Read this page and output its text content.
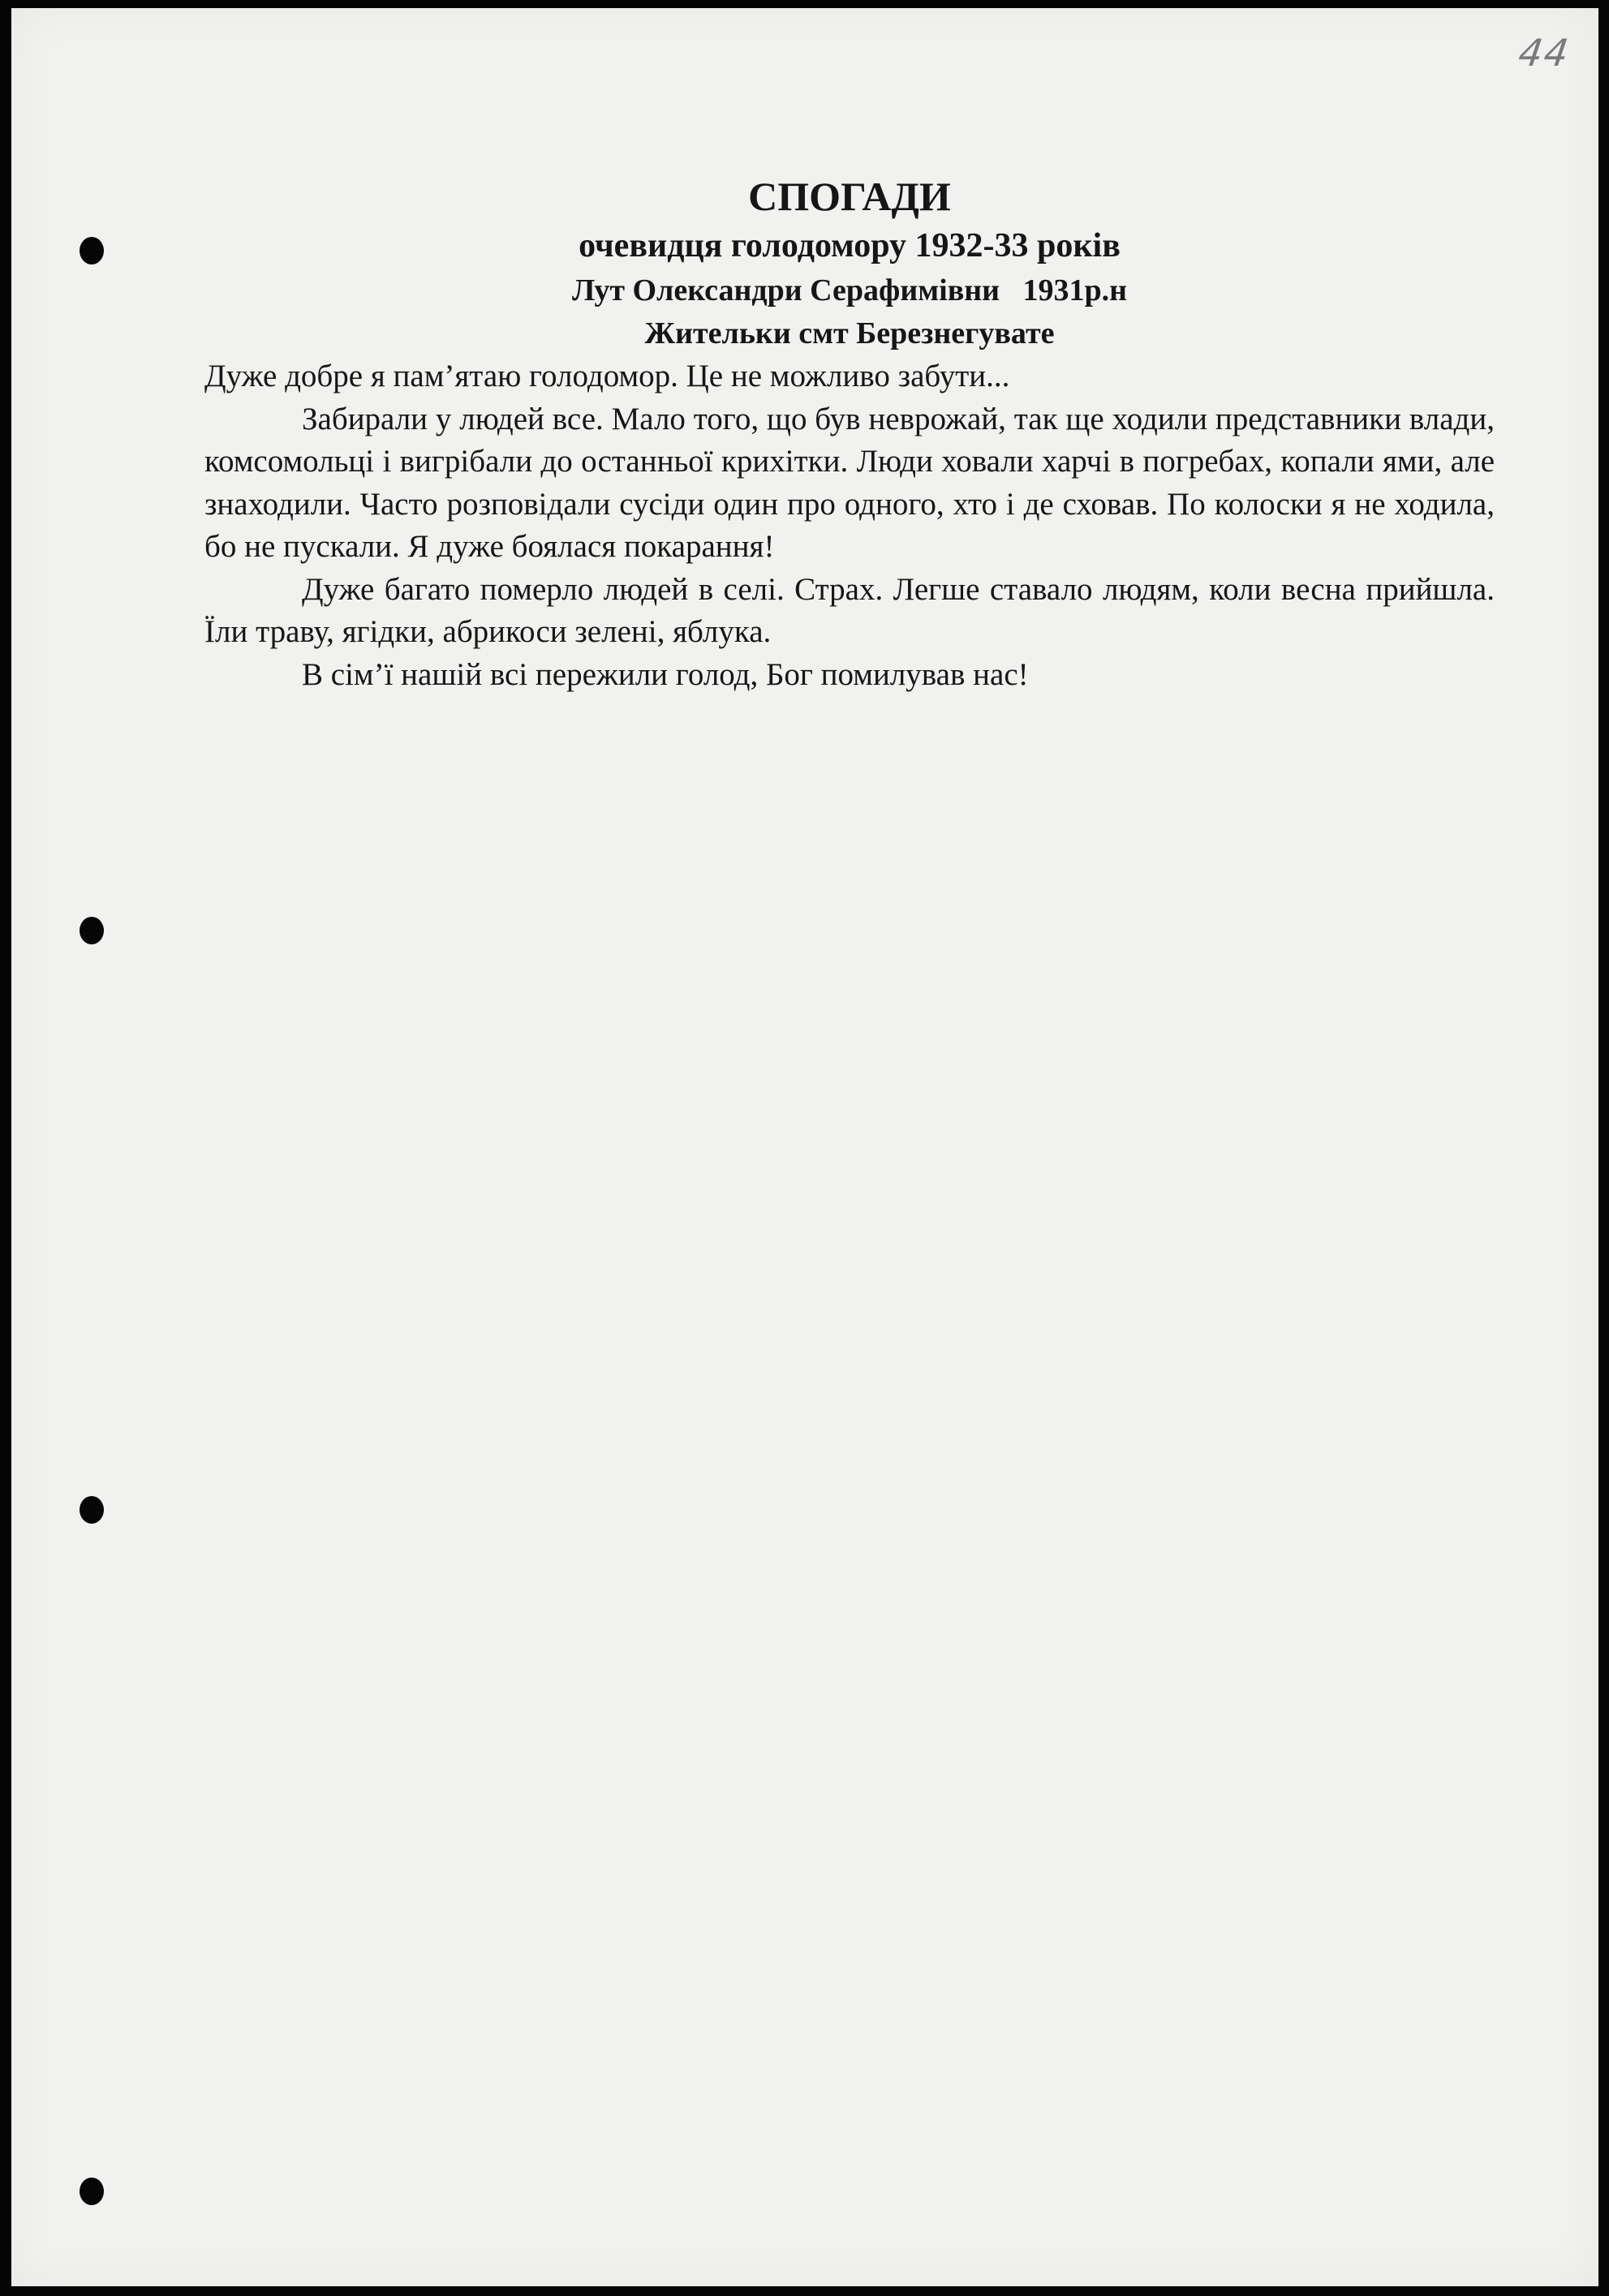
44

СПОГАДИ

очевидця голодомору 1932-33 років

Лут Олександри Серафимівни   1931р.н

Жительки смт Березнегувате

Дуже добре я пам’ятаю голодомор. Це не можливо забути...

Забирали у людей все. Мало того, що був неврожай, так ще ходили представники влади, комсомольці і вигрібали до останньої крихітки. Люди ховали харчі в погребах, копали ями, але знаходили. Часто розповідали сусіди один про одного, хто і де сховав. По колоски я не ходила, бо не пускали. Я дуже боялася покарання!

Дуже багато померло людей в селі. Страх. Легше ставало людям, коли весна прийшла. Їли траву, ягідки, абрикоси зелені, яблука.

В сім’ї нашій всі пережили голод, Бог помилував нас!
